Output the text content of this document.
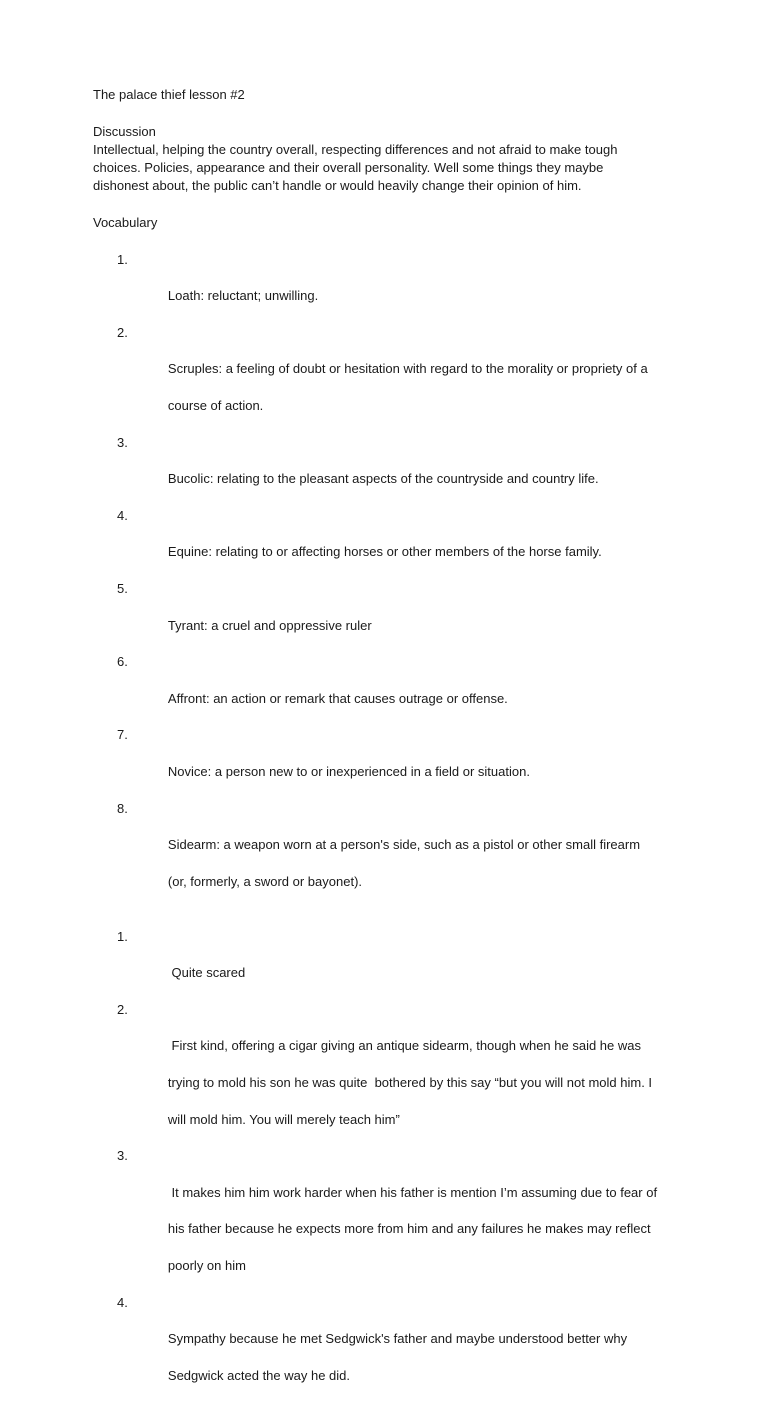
The palace thief lesson #2

Discussion

Intellectual, helping the country overall, respecting differences and not afraid to make tough

choices. Policies, appearance and their overall personality. Well some things they maybe

dishonest about, the public can’t handle or would heavily change their opinion of him.

Vocabulary

1.

Loath: reluctant; unwilling.

2.

Scruples: a feeling of doubt or hesitation with regard to the morality or propriety of a

course of action.

3.

Bucolic: relating to the pleasant aspects of the countryside and country life.

4.

Equine: relating to or affecting horses or other members of the horse family.

5.

Tyrant: a cruel and oppressive ruler

6.

Affront: an action or remark that causes outrage or offense.

7.

Novice: a person new to or inexperienced in a field or situation.

8.

Sidearm: a weapon worn at a person's side, such as a pistol or other small firearm

(or, formerly, a sword or bayonet).

1.

Quite scared

2.

First kind, offering a cigar giving an antique sidearm, though when he said he was

trying to mold his son he was quite  bothered by this say “but you will not mold him. I

will mold him. You will merely teach him”

3.

It makes him him work harder when his father is mention I’m assuming due to fear of

his father because he expects more from him and any failures he makes may reflect

poorly on him

4.

Sympathy because he met Sedgwick's father and maybe understood better why

Sedgwick acted the way he did.
